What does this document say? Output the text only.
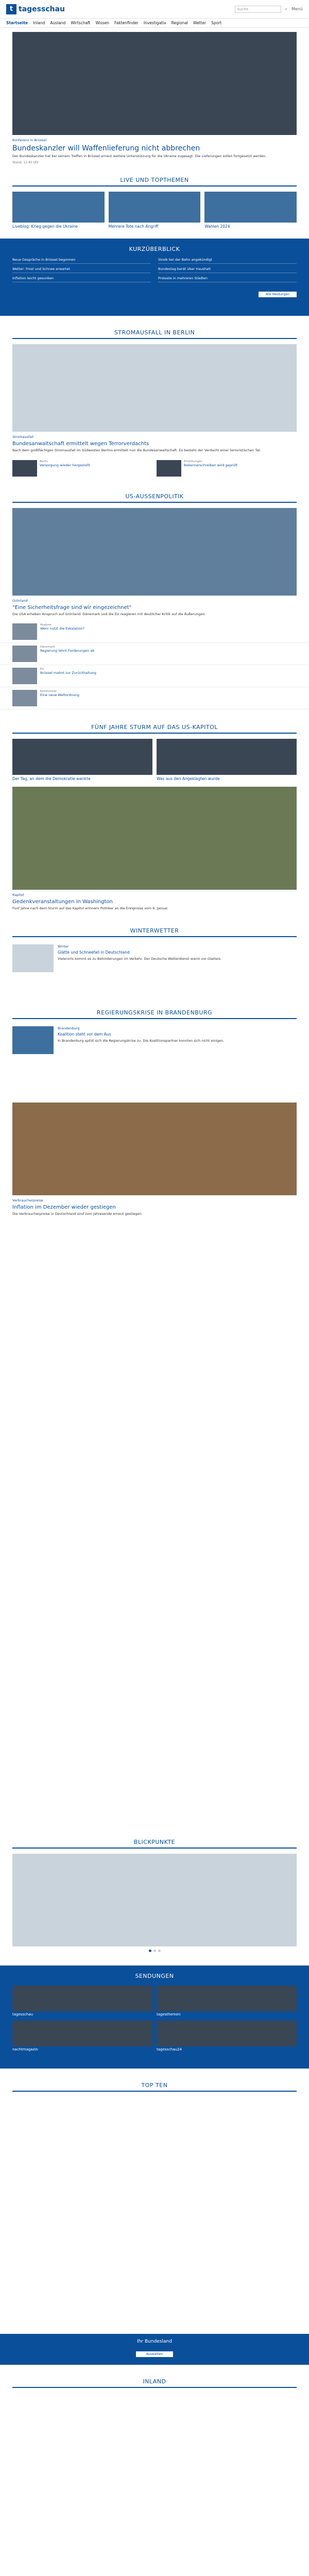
t tagesschau	Suche	⌕ Menü
Startseite Inland Ausland Wirtschaft Wissen Faktenfinder Investigativ Regional Wetter Sport
Konferenz in Brüssel
Bundeskanzler will Waffenlieferung nicht abbrechen
Der Bundeskanzler hat bei seinem Treffen in Brüssel erneut weitere Unterstützung für die Ukraine zugesagt. Die Lieferungen sollen fortgesetzt werden.
Stand: 12:40 Uhr
LIVE UND TOPTHEMEN
Liveblog: Krieg gegen die Ukraine	Mehrere Tote nach Angriff	Wahlen 2024
KURZÜBERBLICK
Neue Gespräche in Brüssel begonnen	Streik bei der Bahn angekündigt
Wetter: Frost und Schnee erwartet	Bundestag berät über Haushalt
Inflation leicht gesunken	Proteste in mehreren Städten
Alle Meldungen
STROMAUSFALL IN BERLIN
Stromausfall
Bundesanwaltschaft ermittelt wegen Terrorverdachts
Nach dem großflächigen Stromausfall im Südwesten Berlins ermittelt nun die Bundesanwaltschaft. Es besteht der Verdacht einer terroristischen Tat.
Berlin
Versorgung wieder hergestellt
Ermittlungen
Bekennerschreiben wird geprüft
US-AUSSENPOLITIK
Grönland
"Eine Sicherheitsfrage sind wir eingezeichnet"
Die USA erheben Anspruch auf Grönland. Dänemark und die EU reagieren mit deutlicher Kritik auf die Äußerungen.
Analyse
Wem nutzt die Eskalation?
Dänemark
Regierung lehnt Forderungen ab
EU
Brüssel mahnt zur Zurückhaltung
Kommentar
Eine neue Weltordnung
FÜNF JAHRE STURM AUF DAS US-KAPITOL
Der Tag, an dem die Demokratie wankte	Was aus den Angeklagten wurde
Kapitol
Gedenkveranstaltungen in Washington
Fünf Jahre nach dem Sturm auf das Kapitol erinnern Politiker an die Ereignisse vom 6. Januar.
WINTERWETTER
Winter
Glätte und Schneefall in Deutschland
Vielerorts kommt es zu Behinderungen im Verkehr. Der Deutsche Wetterdienst warnt vor Glatteis.
REGIERUNGSKRISE IN BRANDENBURG
Brandenburg
Koalition steht vor dem Aus
In Brandenburg spitzt sich die Regierungskrise zu. Die Koalitionspartner konnten sich nicht einigen.
Verbraucherpreise
Inflation im Dezember wieder gestiegen
Die Verbraucherpreise in Deutschland sind zum Jahresende erneut gestiegen.
BLICKPUNKTE
SENDUNGEN
tagesschau	tagesthemen
nachtmagazin	tagesschau24
TOP TEN
Ihr Bundesland
Auswählen
INLAND
